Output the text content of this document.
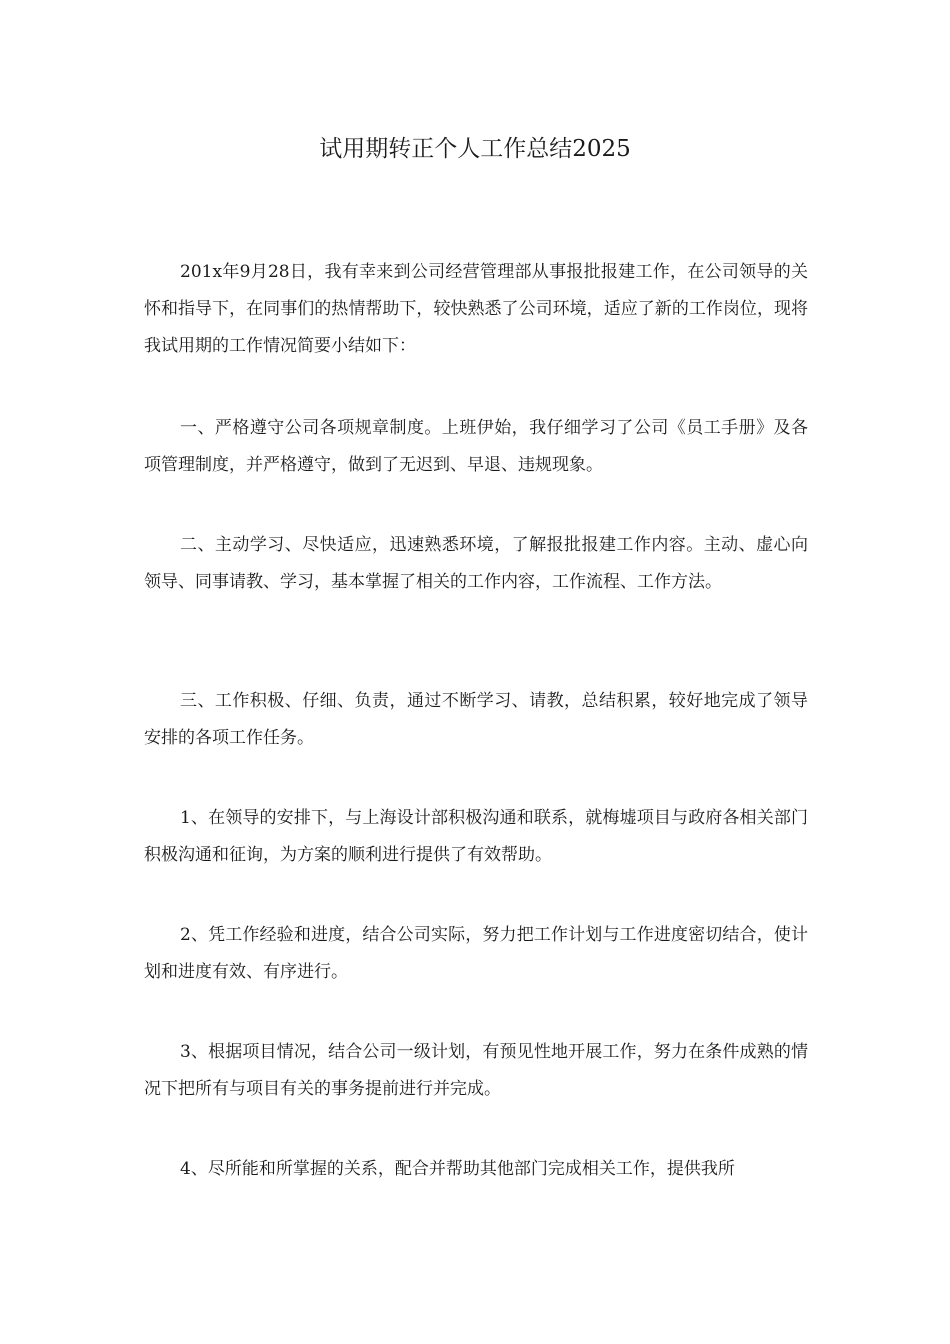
试用期转正个人工作总结2025

201x年9月28日，我有幸来到公司经营管理部从事报批报建工作，在公司领导的关怀和指导下，在同事们的热情帮助下，较快熟悉了公司环境，适应了新的工作岗位，现将我试用期的工作情况简要小结如下：

一、严格遵守公司各项规章制度。上班伊始，我仔细学习了公司《员工手册》及各项管理制度，并严格遵守，做到了无迟到、早退、违规现象。

二、主动学习、尽快适应，迅速熟悉环境，了解报批报建工作内容。主动、虚心向领导、同事请教、学习，基本掌握了相关的工作内容，工作流程、工作方法。

三、工作积极、仔细、负责，通过不断学习、请教，总结积累，较好地完成了领导安排的各项工作任务。

1、在领导的安排下，与上海设计部积极沟通和联系，就梅墟项目与政府各相关部门积极沟通和征询，为方案的顺利进行提供了有效帮助。

2、凭工作经验和进度，结合公司实际，努力把工作计划与工作进度密切结合，使计划和进度有效、有序进行。

3、根据项目情况，结合公司一级计划，有预见性地开展工作，努力在条件成熟的情况下把所有与项目有关的事务提前进行并完成。

4、尽所能和所掌握的关系，配合并帮助其他部门完成相关工作，提供我所
